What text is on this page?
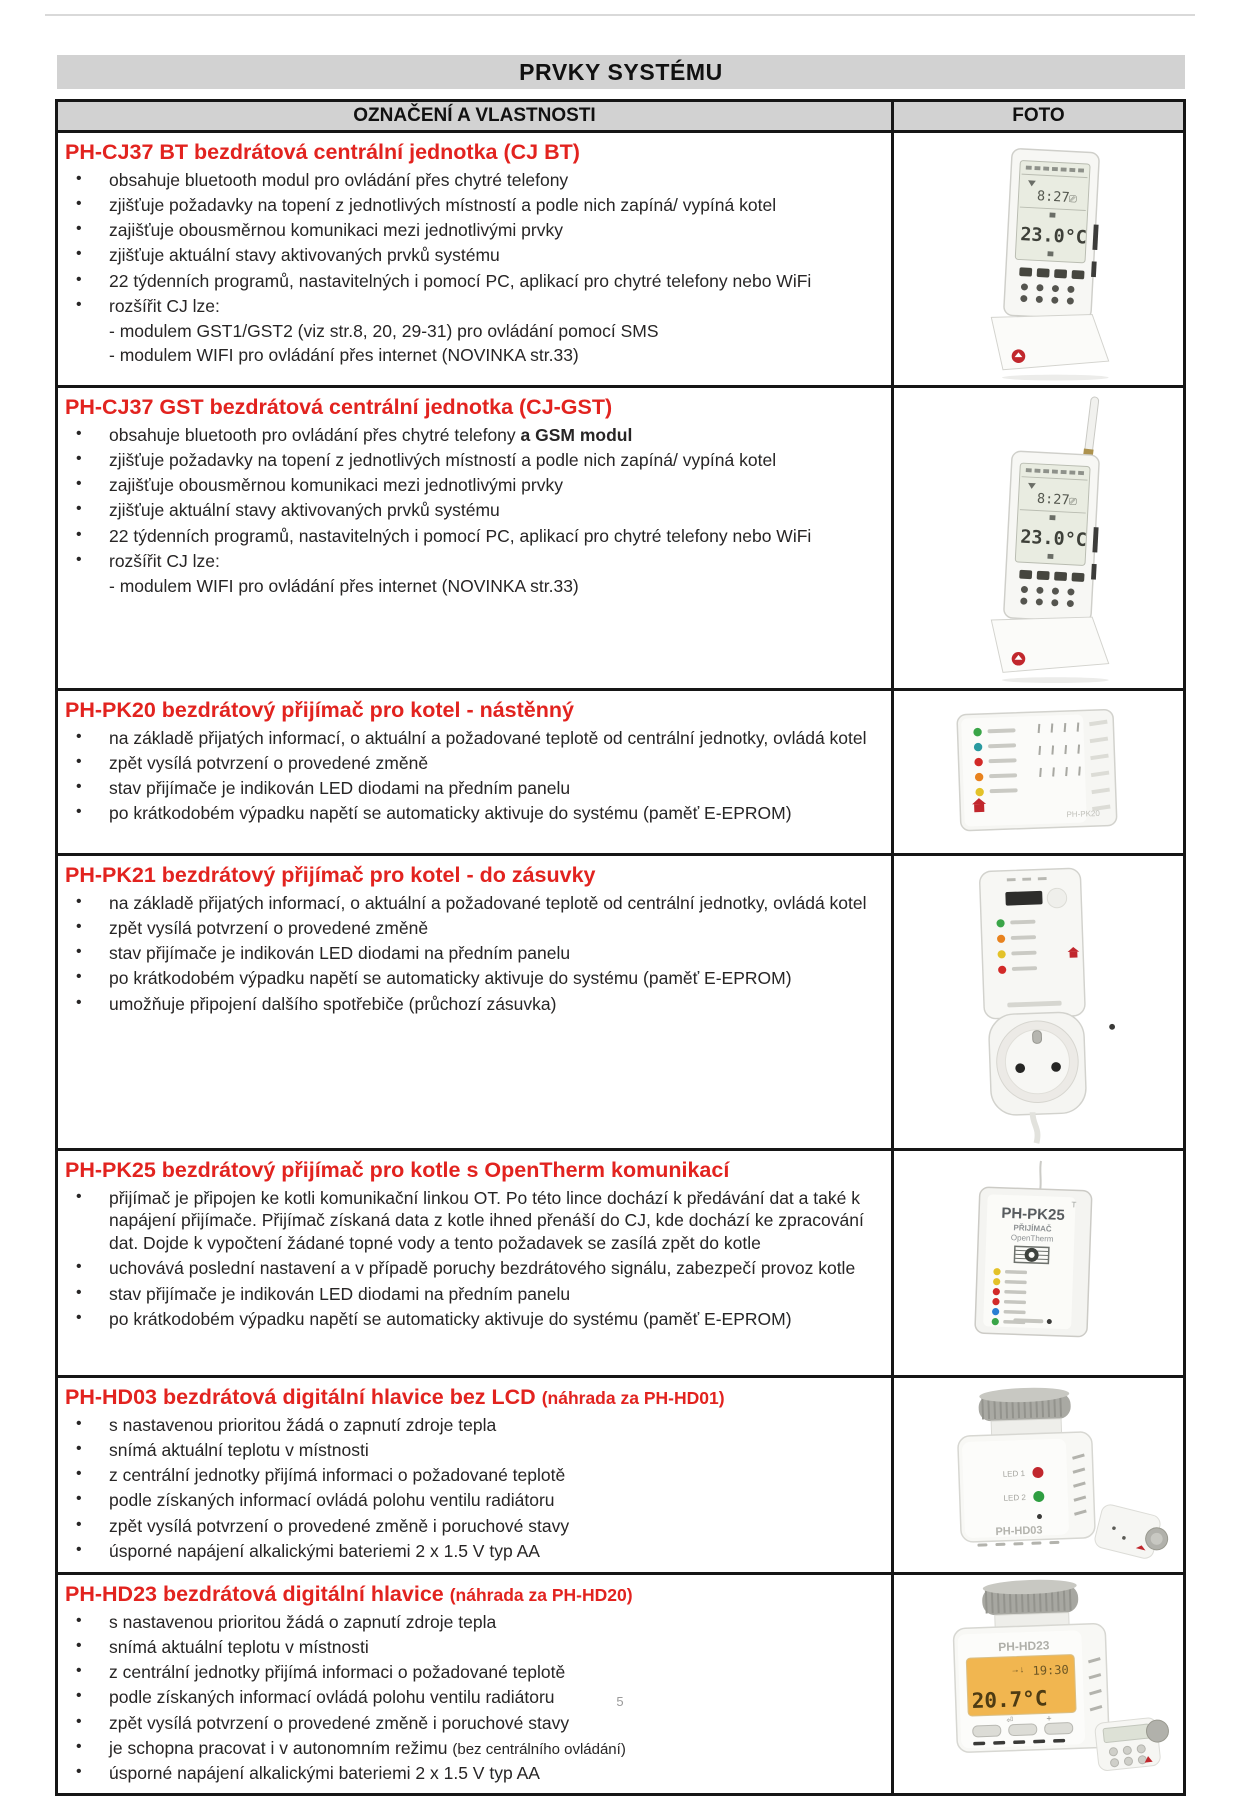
PRVKY SYSTÉMU
OZNAČENÍ A VLASTNOSTI	FOTO
PH-CJ37 BT bezdrátová centrální jednotka (CJ BT)
•
obsahuje bluetooth modul pro ovládání přes chytré telefony
•
zjišťuje požadavky na topení z jednotlivých místností a podle nich zapíná/ vypíná kotel
•
zajišťuje obousměrnou komunikaci mezi jednotlivými prvky
•
zjišťuje aktuální stavy aktivovaných prvků systému
•
22 týdenních programů, nastavitelných i pomocí PC, aplikací pro chytré telefony nebo WiFi
•
rozšířit CJ lze:
- modulem GST1/GST2 (viz str.8, 20, 29-31) pro ovládání pomocí SMS
- modulem WIFI pro ovládání přes internet (NOVINKA str.33)
8:27
⎚
23.0°C
PH-CJ37 GST bezdrátová centrální jednotka (CJ-GST)
•
obsahuje bluetooth pro ovládání přes chytré telefony a GSM modul
•
zjišťuje požadavky na topení z jednotlivých místností a podle nich zapíná/ vypíná kotel
•
zajišťuje obousměrnou komunikaci mezi jednotlivými prvky
•
zjišťuje aktuální stavy aktivovaných prvků systému
•
22 týdenních programů, nastavitelných i pomocí PC, aplikací pro chytré telefony nebo WiFi
•
rozšířit CJ lze:
- modulem WIFI pro ovládání přes internet (NOVINKA str.33)
8:27
⎚
23.0°C
PH-PK20 bezdrátový přijímač pro kotel - nástěnný
•
na základě přijatých informací, o aktuální a požadované teplotě od centrální jednotky, ovládá kotel
•
zpět vysílá potvrzení o provedené změně
•
stav přijímače je indikován LED diodami na předním panelu
•
po krátkodobém výpadku napětí se automaticky aktivuje do systému (paměť E-EPROM)	PH-PK20
PH-PK21 bezdrátový přijímač pro kotel - do zásuvky
•
na základě přijatých informací, o aktuální a požadované teplotě od centrální jednotky, ovládá kotel
•
zpět vysílá potvrzení o provedené změně
•
stav přijímače je indikován LED diodami na předním panelu
•
po krátkodobém výpadku napětí se automaticky aktivuje do systému (paměť E-EPROM)
•
umožňuje připojení dalšího spotřebiče (průchozí zásuvka)
PH-PK25 bezdrátový přijímač pro kotle s OpenTherm komunikací
•
přijímač je připojen ke kotli komunikační linkou OT. Po této lince dochází k předávání dat a také k napájení přijímače. Přijímač získaná data z kotle ihned přenáší do CJ, kde dochází ke zpracování dat. Dojde k vypočtení žádané topné vody a tento požadavek se zasílá zpět do kotle
•
uchovává poslední nastavení a v případě poruchy bezdrátového signálu, zabezpečí provoz kotle
•
stav přijímače je indikován LED diodami na předním panelu
•
po krátkodobém výpadku napětí se automaticky aktivuje do systému (paměť E-EPROM)
PH-PK25
PŘIJÍMAČ
OpenTherm
T
PH-HD03 bezdrátová digitální hlavice bez LCD (náhrada za PH-HD01)
•
s nastavenou prioritou žádá o zapnutí zdroje tepla
•
snímá aktuální teplotu v místnosti
•
z centrální jednotky přijímá informaci o požadované teplotě
•
podle získaných informací ovládá polohu ventilu radiátoru
•
zpět vysílá potvrzení o provedené změně i poruchové stavy
•
úsporné napájení alkalickými bateriemi 2 x 1.5 V typ AA
LED 1
LED 2
PH-HD03
PH-HD23 bezdrátová digitální hlavice (náhrada za PH-HD20)
•
s nastavenou prioritou žádá o zapnutí zdroje tepla
•
snímá aktuální teplotu v místnosti
•
z centrální jednotky přijímá informaci o požadované teplotě
•
podle získaných informací ovládá polohu ventilu radiátoru
•
zpět vysílá potvrzení o provedené změně i poruchové stavy
•
je schopna pracovat i v autonomním režimu (bez centrálního ovládání)
•
úsporné napájení alkalickými bateriemi 2 x 1.5 V typ AA
PH-HD23
→↓ 19:30
20.7°C
⏎	+
5
